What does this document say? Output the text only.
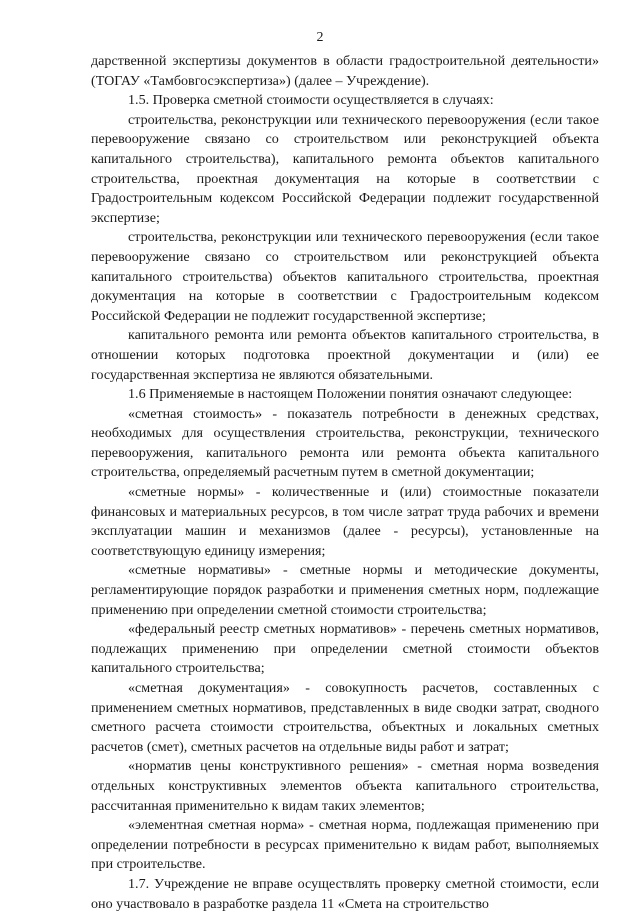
2

дарственной экспертизы документов в области градостроительной деятельности» (ТОГАУ «Тамбовгосэкспертиза») (далее – Учреждение).

1.5. Проверка сметной стоимости осуществляется в случаях:

строительства, реконструкции или технического перевооружения (если такое перевооружение связано со строительством или реконструкцией объекта капитального строительства), капитального ремонта объектов капитального строительства, проектная документация на которые в соответствии с Градостроительным кодексом Российской Федерации подлежит государственной экспертизе;

строительства, реконструкции или технического перевооружения (если такое перевооружение связано со строительством или реконструкцией объекта капитального строительства) объектов капитального строительства, проектная документация на которые в соответствии с Градостроительным кодексом Российской Федерации не подлежит государственной экспертизе;

капитального ремонта или ремонта объектов капитального строительства, в отношении которых подготовка проектной документации и (или) ее государственная экспертиза не являются обязательными.

1.6 Применяемые в настоящем Положении понятия означают следующее:

«сметная стоимость» - показатель потребности в денежных средствах, необходимых для осуществления строительства, реконструкции, технического перевооружения, капитального ремонта или ремонта объекта капитального строительства, определяемый расчетным путем в сметной документации;

«сметные нормы» - количественные и (или) стоимостные показатели финансовых и материальных ресурсов, в том числе затрат труда рабочих и времени эксплуатации машин и механизмов (далее - ресурсы), установленные на соответствующую единицу измерения;

«сметные нормативы» - сметные нормы и методические документы, регламентирующие порядок разработки и применения сметных норм, подлежащие применению при определении сметной стоимости строительства;

«федеральный реестр сметных нормативов» - перечень сметных нормативов, подлежащих применению при определении сметной стоимости объектов капитального строительства;

«сметная документация» - совокупность расчетов, составленных с применением сметных нормативов, представленных в виде сводки затрат, сводного сметного расчета стоимости строительства, объектных и локальных сметных расчетов (смет), сметных расчетов на отдельные виды работ и затрат;

«норматив цены конструктивного решения» - сметная норма возведения отдельных конструктивных элементов объекта капитального строительства, рассчитанная применительно к видам таких элементов;

«элементная сметная норма» - сметная норма, подлежащая применению при определении потребности в ресурсах применительно к видам работ, выполняемых при строительстве.

1.7. Учреждение не вправе осуществлять проверку сметной стоимости, если оно участвовало в разработке раздела 11 «Смета на строительство
